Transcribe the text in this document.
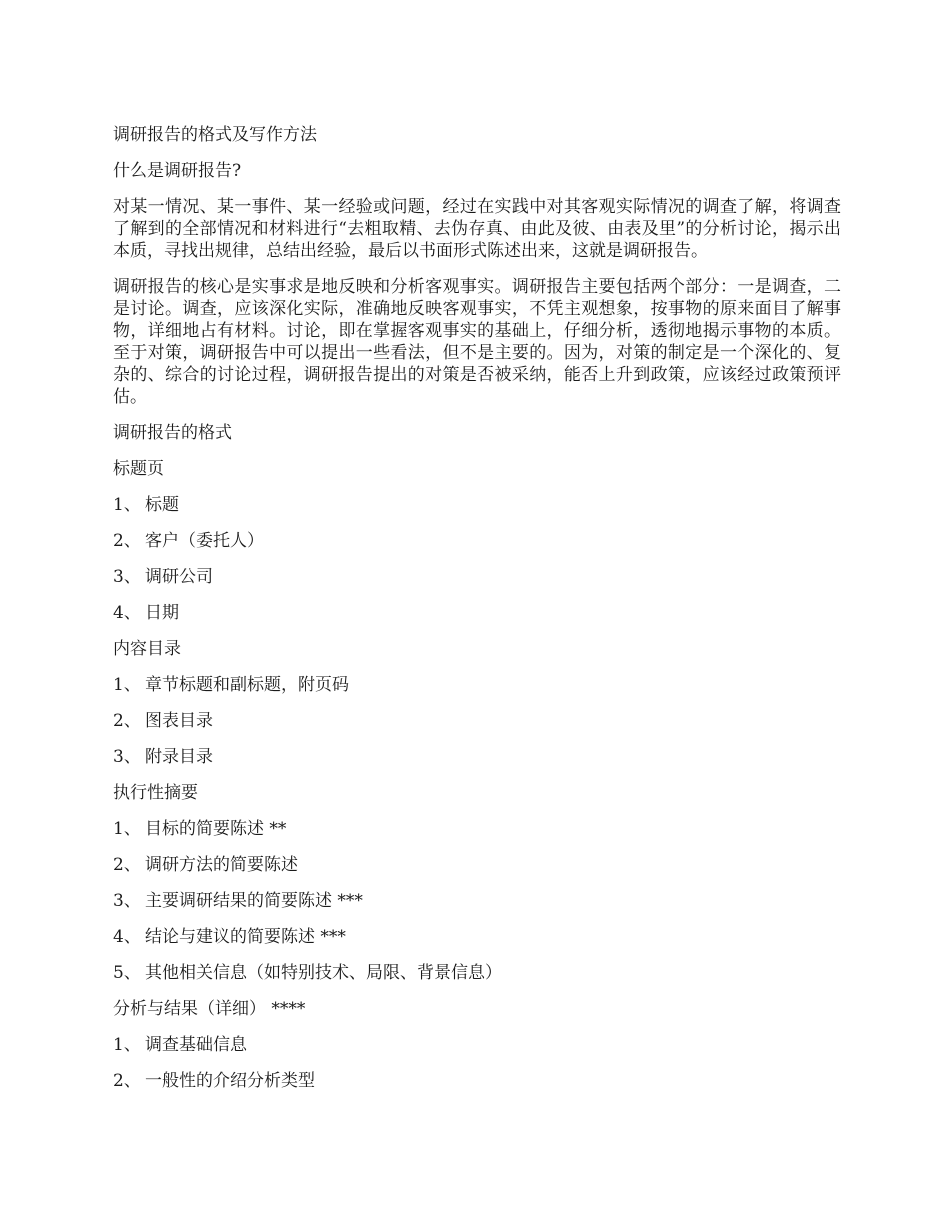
调研报告的格式及写作方法
什么是调研报告?
对某一情况、某一事件、某一经验或问题，经过在实践中对其客观实际情况的调查了解，将调查了解到的全部情况和材料进行“去粗取精、去伪存真、由此及彼、由表及里”的分析讨论，揭示出本质，寻找出规律，总结出经验，最后以书面形式陈述出来，这就是调研报告。
调研报告的核心是实事求是地反映和分析客观事实。调研报告主要包括两个部分：一是调查，二是讨论。调查，应该深化实际，准确地反映客观事实，不凭主观想象，按事物的原来面目了解事物，详细地占有材料。讨论，即在掌握客观事实的基础上，仔细分析，透彻地揭示事物的本质。至于对策，调研报告中可以提出一些看法，但不是主要的。因为，对策的制定是一个深化的、复杂的、综合的讨论过程，调研报告提出的对策是否被采纳，能否上升到政策，应该经过政策预评估。
调研报告的格式
标题页
1、 标题
2、 客户（委托人）
3、 调研公司
4、 日期
内容目录
1、 章节标题和副标题，附页码
2、 图表目录
3、 附录目录
执行性摘要
1、 目标的简要陈述 **
2、 调研方法的简要陈述
3、 主要调研结果的简要陈述 ***
4、 结论与建议的简要陈述 ***
5、 其他相关信息（如特别技术、局限、背景信息）
分析与结果（详细） ****
1、 调查基础信息
2、 一般性的介绍分析类型
